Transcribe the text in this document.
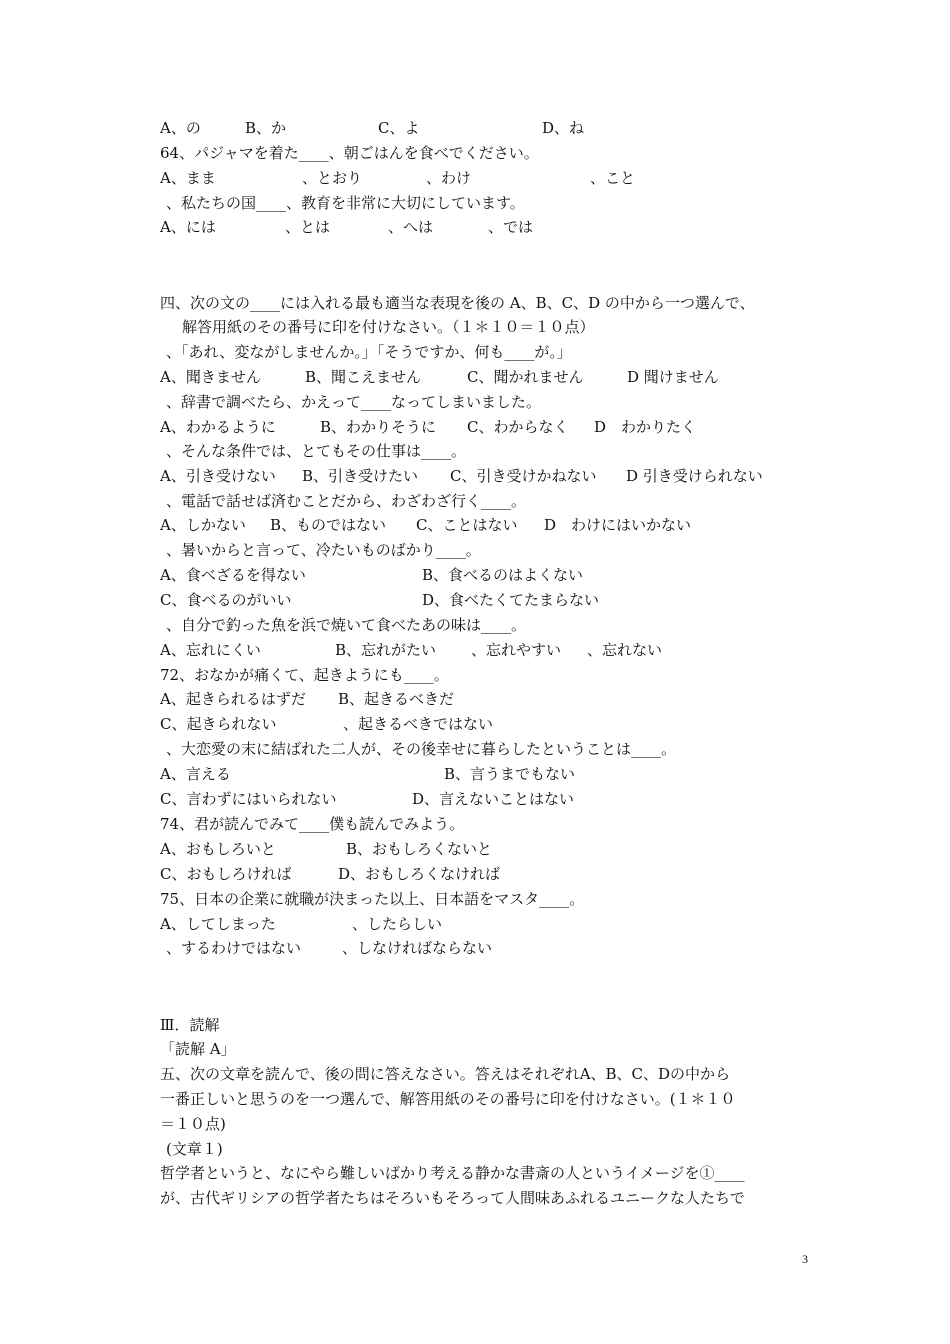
A、の

	B、か

	C、よ

	D、ね

64、パジャマを着た____、朝ごはんを食べでください。

A、まま

	、とおり

	、わけ

	、こと

、私たちの国____、教育を非常に大切にしています。

A、には

	、とは

	、へは

	、では

四、次の文の____には入れる最も適当な表現を後の A、B、C、D の中から一つ選んで、

解答用紙のその番号に印を付けなさい。（１＊１０＝１０点）

、「あれ、変ながしませんか。」「そうですか、何も____が。」

A、聞きません

	B、聞こえません

	C、聞かれません

	D 聞けません

、辞書で調べたら、かえって____なってしまいました。

A、わかるように

	B、わかりそうに

C、わからなく

D　わかりたく

、そんな条件では、とてもその仕事は____。

A、引き受けない

B、引き受けたい

C、引き受けかねない

D 引き受けられない

、電話で話せば済むことだから、わざわざ行く____。

A、しかない

B、ものではない

C、ことはない

D　わけにはいかない

、暑いからと言って、冷たいものばかり____。

A、食べざるを得ない

	B、食べるのはよくない

C、食べるのがいい

	D、食べたくてたまらない

、自分で釣った魚を浜で焼いて食べたあの味は____。

A、忘れにくい

	B、忘れがたい

、忘れやすい

、忘れない

72、おなかが痛くて、起きようにも____。

A、起きられるはずだ

B、起きるべきだ

C、起きられない

	、起きるべきではない

、大恋愛の末に結ばれた二人が、その後幸せに暮らしたということは____。

A、言える

	B、言うまでもない

C、言わずにはいられない

	D、言えないことはない

74、君が読んでみて____僕も読んでみよう。

A、おもしろいと

	B、おもしろくないと

C、おもしろければ

	D、おもしろくなければ

75、日本の企業に就職が決まった以上、日本語をマスタ____。

A、してしまった

	、したらしい

、するわけではない

	、しなければならない

Ⅲ．読解

「読解 A」

五、次の文章を読んで、後の問に答えなさい。答えはそれぞれA、B、C、Dの中から

一番正しいと思うのを一つ選んで、解答用紙のその番号に印を付けなさい。(１＊１０

＝１０点)

(文章１)

哲学者というと、なにやら難しいばかり考える静かな書斎の人というイメージを①____

が、古代ギリシアの哲学者たちはそろいもそろって人間味あふれるユニークな人たちで

3
